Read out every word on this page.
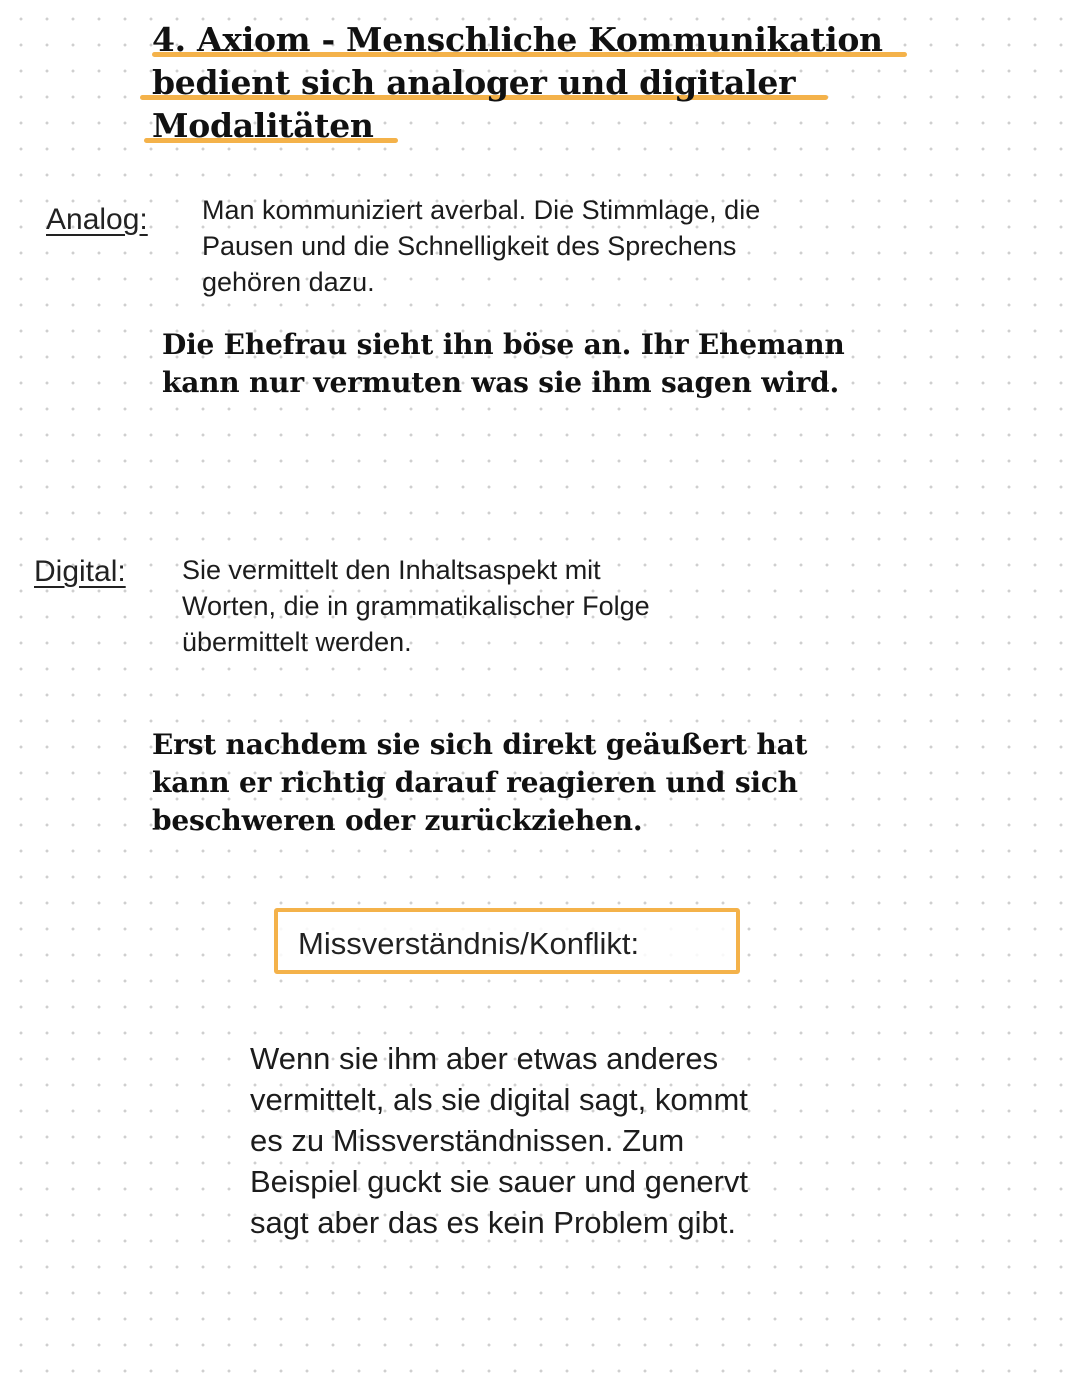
4. Axiom - Menschliche Kommunikation
bedient sich analoger und digitaler
Modalitäten
Analog: Man kommuniziert averbal. Die Stimmlage, die
Pausen und die Schnelligkeit des Sprechens
gehören dazu.
Die Ehefrau sieht ihn böse an. Ihr Ehemann
kann nur vermuten was sie ihm sagen wird.
Digital: Sie vermittelt den Inhaltsaspekt mit
Worten, die in grammatikalischer Folge
übermittelt werden.
Erst nachdem sie sich direkt geäußert hat
kann er richtig darauf reagieren und sich
beschweren oder zurückziehen.
Missverständnis/Konflikt:
Wenn sie ihm aber etwas anderes
vermittelt, als sie digital sagt, kommt
es zu Missverständnissen. Zum
Beispiel guckt sie sauer und genervt
sagt aber das es kein Problem gibt.
